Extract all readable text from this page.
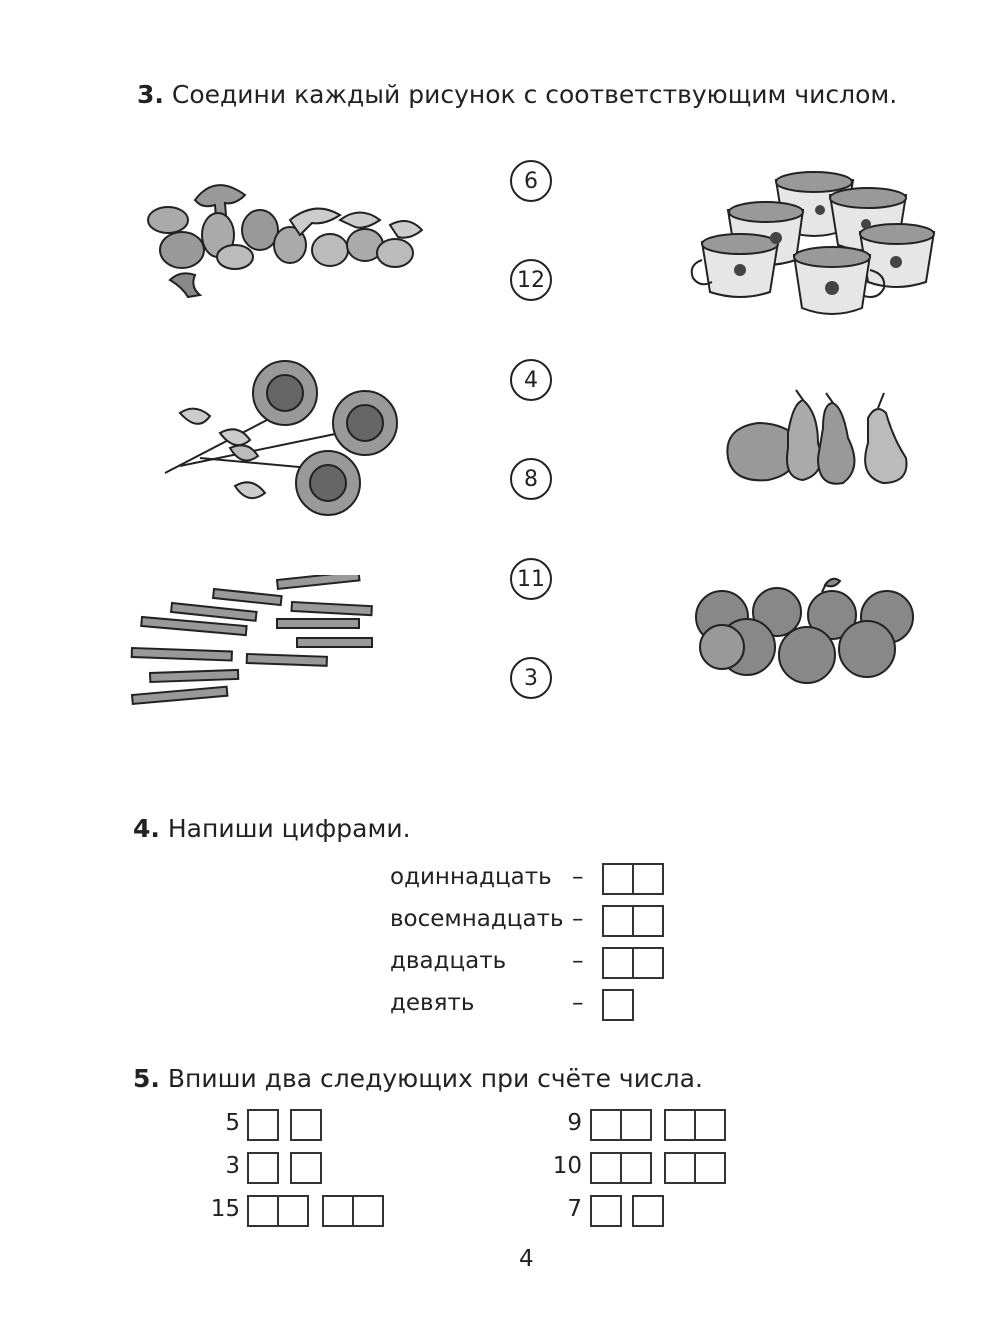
3. Соедини каждый рисунок с соответствующим числом.
6
12
4
8
11
3
4. Напиши цифрами.
одиннадцать –
восемнадцать –
двадцать	–
девять	–
5. Впиши два следующих при счёте числа.
5
3
15
9
10
7
4
